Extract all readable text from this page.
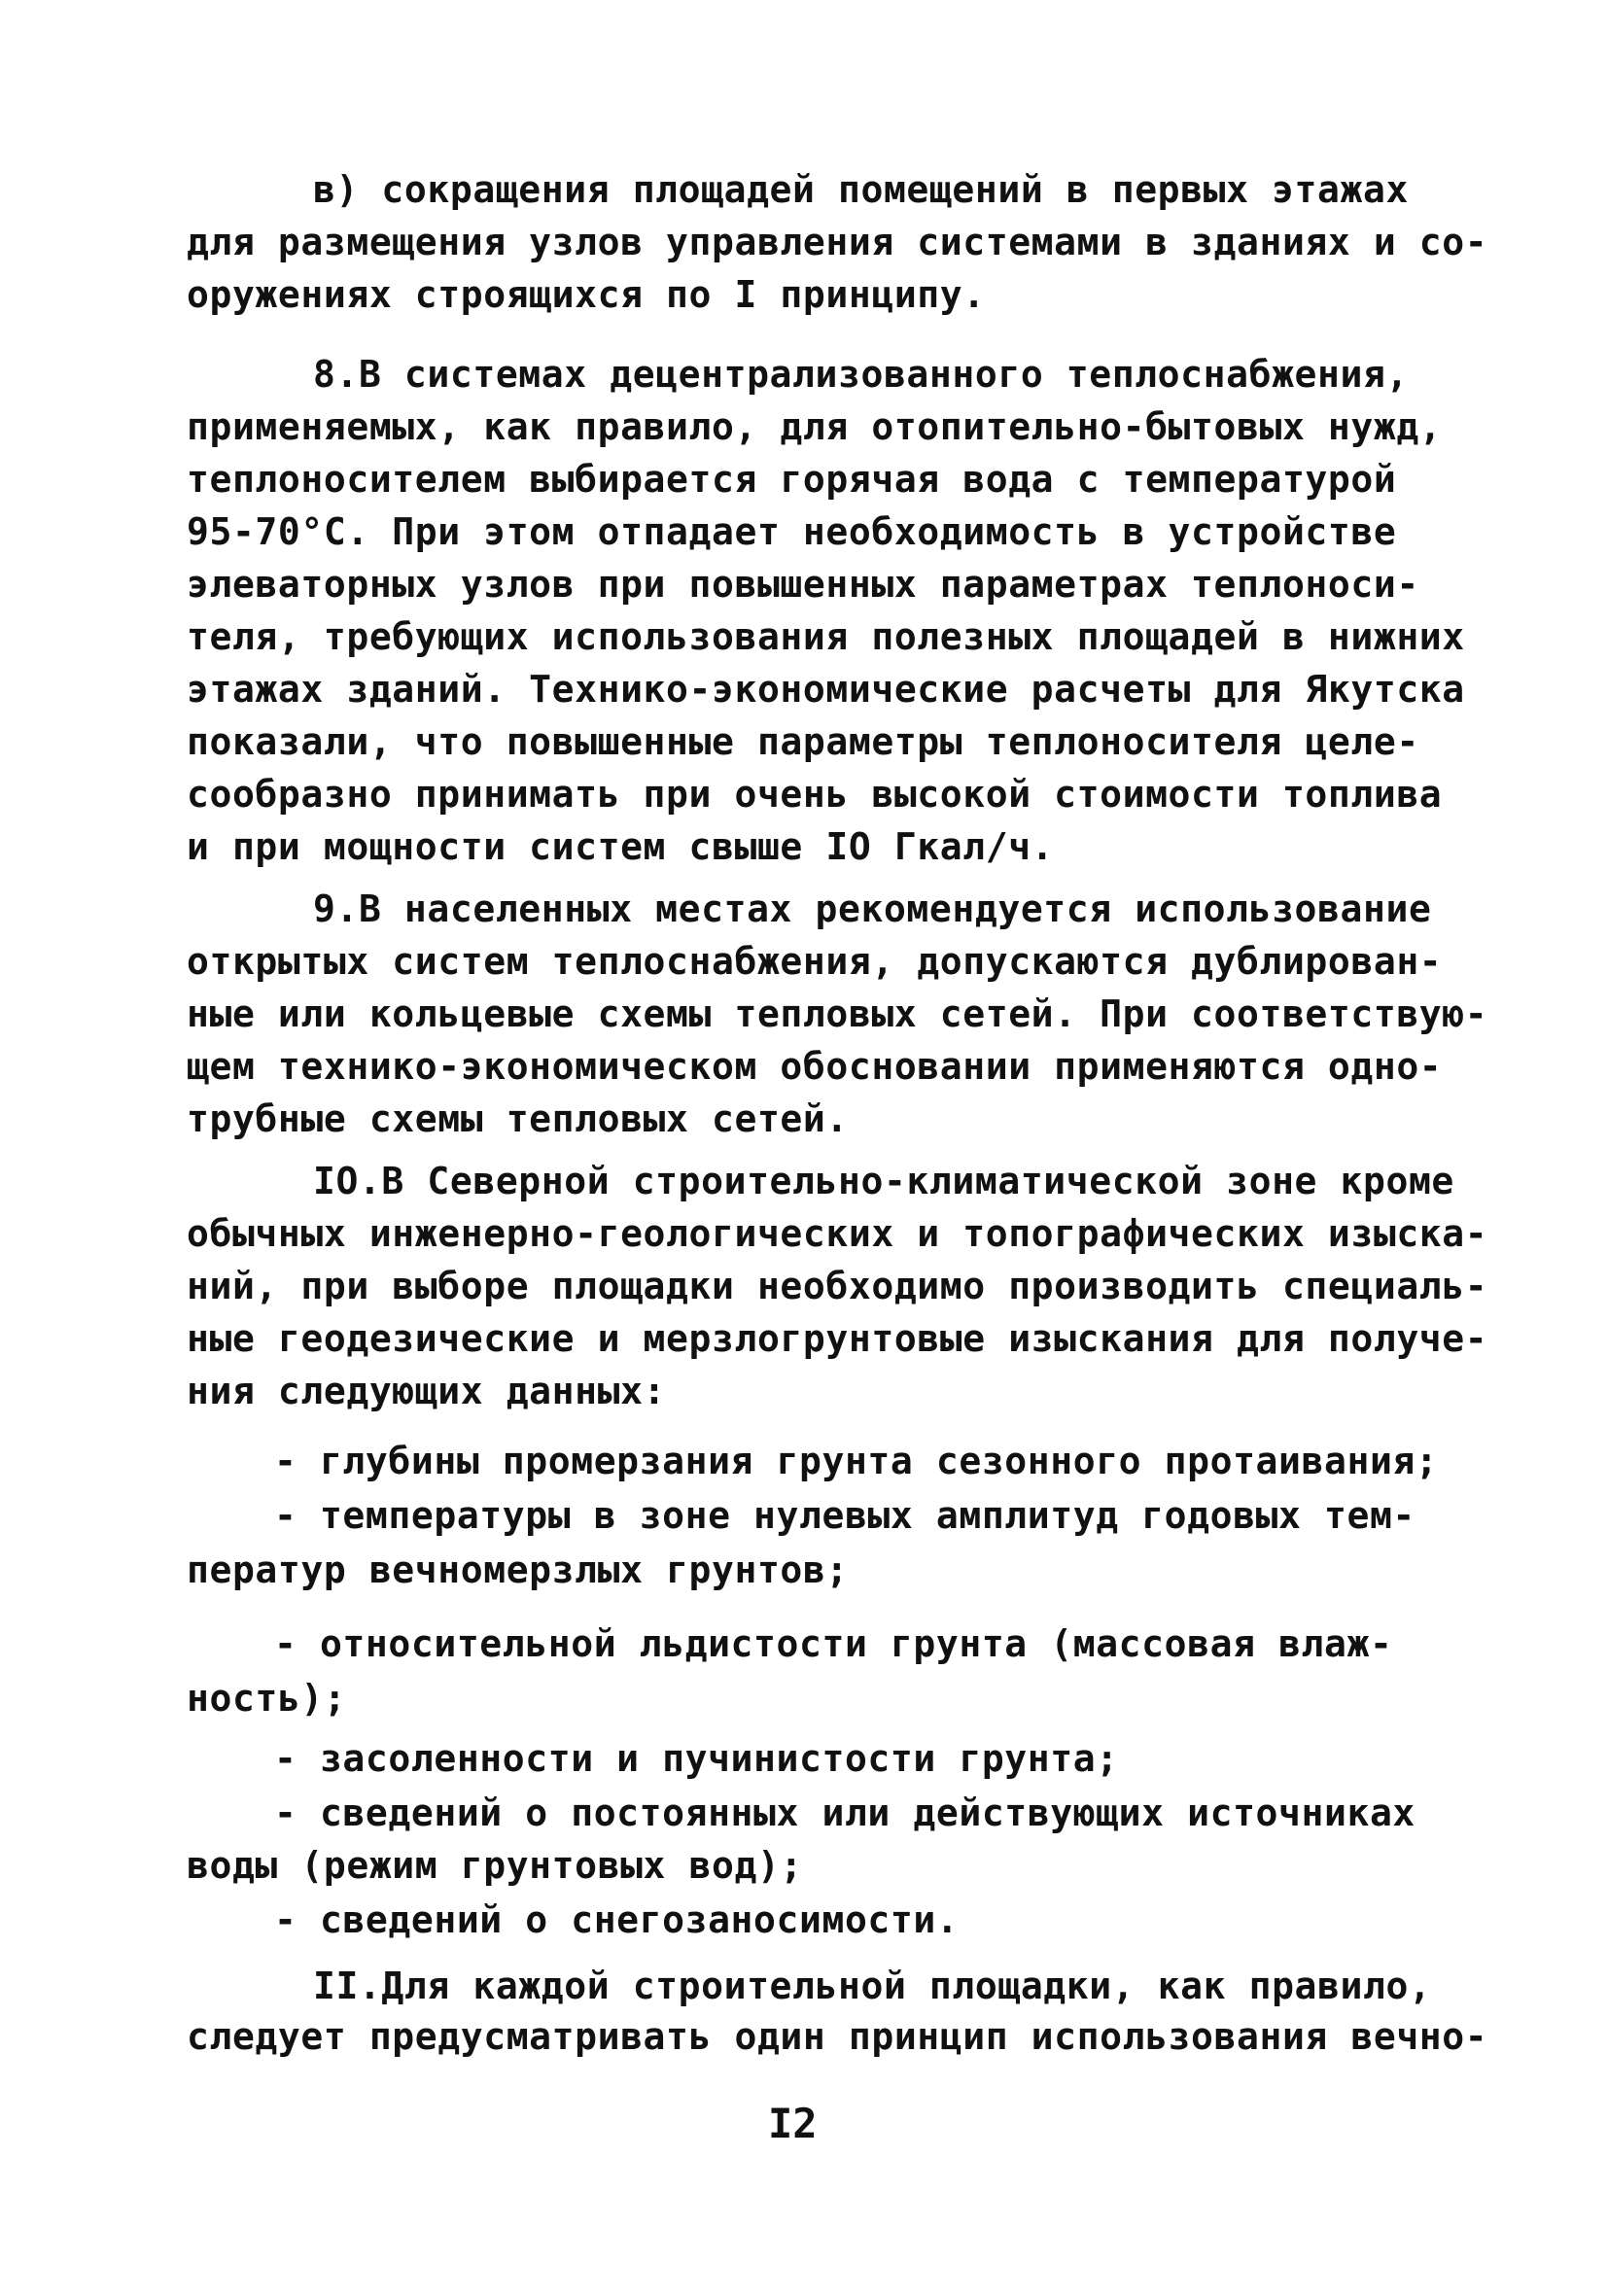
в) сокращения площадей помещений в первых этажах
для размещения узлов управления системами в зданиях и со-
оружениях строящихся по I принципу.
8.В системах децентрализованного теплоснабжения,
применяемых, как правило, для отопительно-бытовых нужд,
теплоносителем выбирается горячая вода с температурой
95-70°С. При этом отпадает необходимость в устройстве
элеваторных узлов при повышенных параметрах теплоноси-
теля, требующих использования полезных площадей в нижних
этажах зданий. Технико-экономические расчеты для Якутска
показали, что повышенные параметры теплоносителя целе-
сообразно принимать при очень высокой стоимости топлива
и при мощности систем свыше IO Гкал/ч.
9.В населенных местах рекомендуется использование
открытых систем теплоснабжения, допускаются дублирован-
ные или кольцевые схемы тепловых сетей. При соответствую-
щем технико-экономическом обосновании применяются одно-
трубные схемы тепловых сетей.
IO.В Северной строительно-климатической зоне кроме
обычных инженерно-геологических и топографических изыска-
ний, при выборе площадки необходимо производить специаль-
ные геодезические и мерзлогрунтовые изыскания для получе-
ния следующих данных:
- глубины промерзания грунта сезонного протаивания;
- температуры в зоне нулевых амплитуд годовых тем-
ператур вечномерзлых грунтов;
- относительной льдистости грунта (массовая влаж-
ность);
- засоленности и пучинистости грунта;
- сведений о постоянных или действующих источниках
воды (режим грунтовых вод);
- сведений о снегозаносимости.
II.Для каждой строительной площадки, как правило,
следует предусматривать один принцип использования вечно-
I2
